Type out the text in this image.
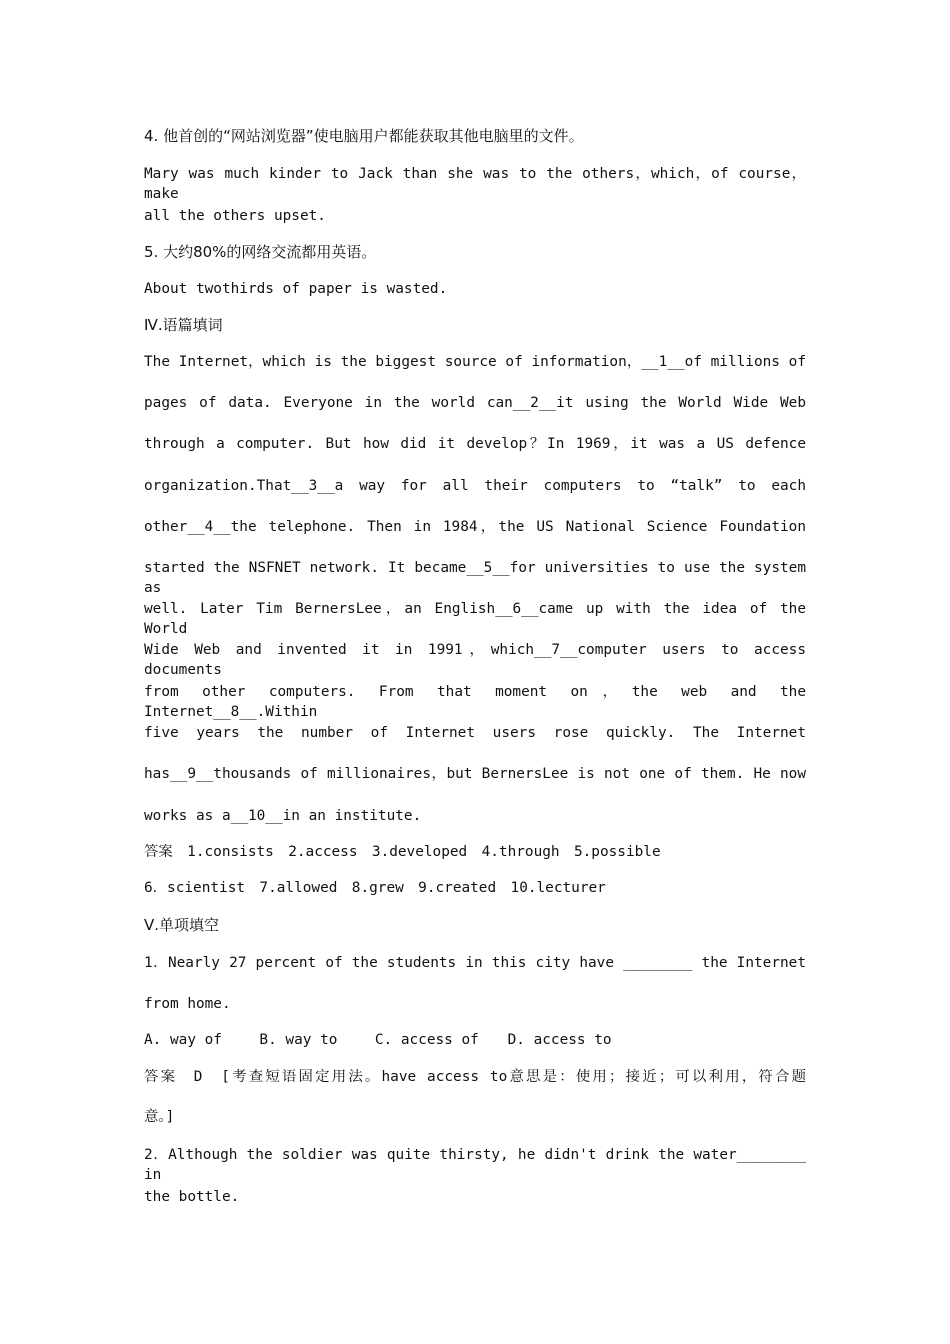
4. 他首创的“网站浏览器”使电脑用户都能获取其他电脑里的文件。
Mary was much kinder to Jack than she was to the others，which，of course，make
all the others upset.
5. 大约80%的网络交流都用英语。
About twothirds of paper is wasted.
Ⅳ.语篇填词
The Internet，which is the biggest source of information，__1__of millions of
pages of data. Everyone in the world can__2__it using the World Wide Web
through a computer. But how did it develop？In 1969，it was a US defence
organization.That__3__a way for all their computers to “talk” to each
other__4__the telephone. Then in 1984，the US National Science Foundation
started the NSFNET network. It became__5__for universities to use the system as
well. Later Tim BernersLee，an English__6__came up with the idea of the World
Wide Web and invented it in 1991，which__7__computer users to access documents
from other computers. From that moment on，the web and the Internet__8__.Within
five years the number of Internet users rose quickly. The Internet
has__9__thousands of millionaires，but BernersLee is not one of them. He now
works as a__10__in an institute.
答案　1.consists　2.access　3.developed　4.through　5.possible
6．scientist　7.allowed　8.grew　9.created　10.lecturer
Ⅴ.单项填空
1．Nearly 27 percent of the students in this city have ________ the Internet
from home.
A. way of　　 B. way to　　 C. access of　　D. access to
答案　D　[考查短语固定用法。have access to意思是：使用；接近；可以利用，符合题
意。]
2．Although the soldier was quite thirsty, he didn't drink the water________ in
the bottle.
